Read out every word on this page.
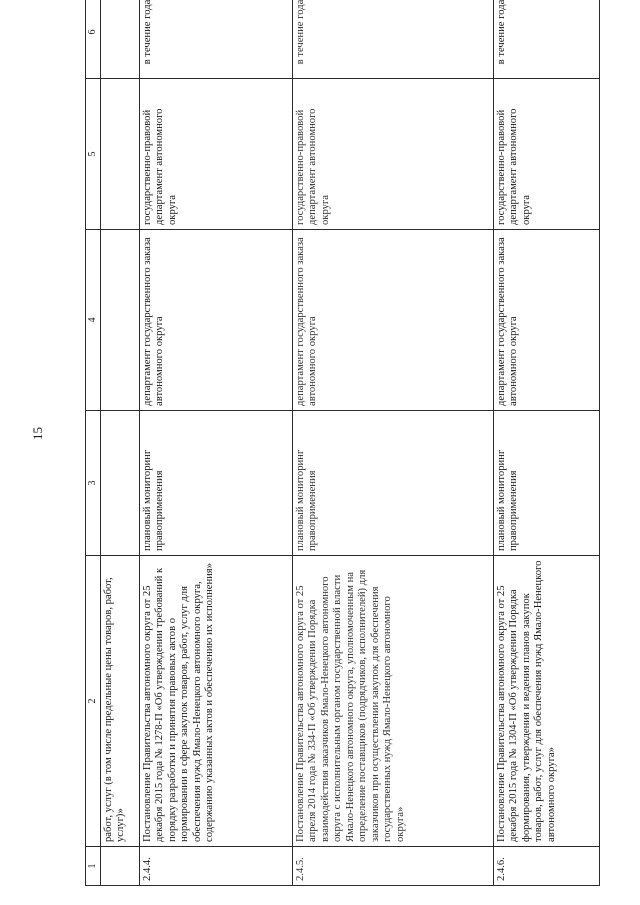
15
1	2	3	4	5	6
	работ, услуг (в том числе предельные цены товаров, работ, услуг)»				
2.4.4.	Постановление Правительства автономного округа от 25 декабря 2015 года № 1278-П «Об утверждении требований к порядку разработки и принятия правовых актов о нормировании в сфере закупок товаров, работ, услуг для обеспечения нужд Ямало-Ненецкого автономного округа, содержанию указанных актов и обеспечению их исполнения»	плановый мониторинг правоприменения	департамент государственного заказа автономного округа	государственно-правовой департамент автономного округа	в течение года
2.4.5.	Постановление Правительства автономного округа от 25 апреля 2014 года № 334-П «Об утверждении Порядка взаимодействия заказчиков Ямало-Ненецкого автономного округа с исполнительным органом государственной власти Ямало-Ненецкого автономного округа, уполномоченным на определение поставщиков (подрядчиков, исполнителей) для заказчиков при осуществлении закупок для обеспечения государственных нужд Ямало-Ненецкого автономного округа»	плановый мониторинг правоприменения	департамент государственного заказа автономного округа	государственно-правовой департамент автономного округа	в течение года
2.4.6.	Постановление Правительства автономного округа от 25 декабря 2015 года № 1304-П «Об утверждении Порядка формирования, утверждения и ведения планов закупок товаров, работ, услуг для обеспечения нужд Ямало-Ненецкого автономного округа»	плановый мониторинг правоприменения	департамент государственного заказа автономного округа	государственно-правовой департамент автономного округа	в течение года
